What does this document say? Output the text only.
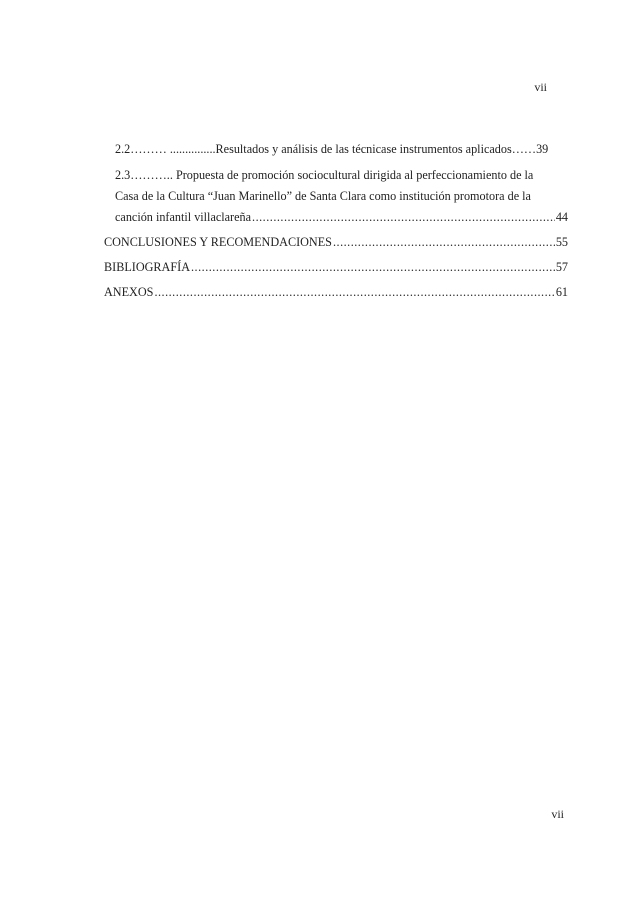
vii
2.2……… ............... Resultados y análisis de las técnicase instrumentos aplicados…… 39
2.3……….. Propuesta de promoción sociocultural dirigida al perfeccionamiento de la
Casa de la Cultura “Juan Marinello” de Santa Clara como institución promotora de la
canción infantil villaclareña .....	44
CONCLUSIONES Y RECOMENDACIONES .....	55
BIBLIOGRAFÍA .....	57
ANEXOS .....	61
vii
